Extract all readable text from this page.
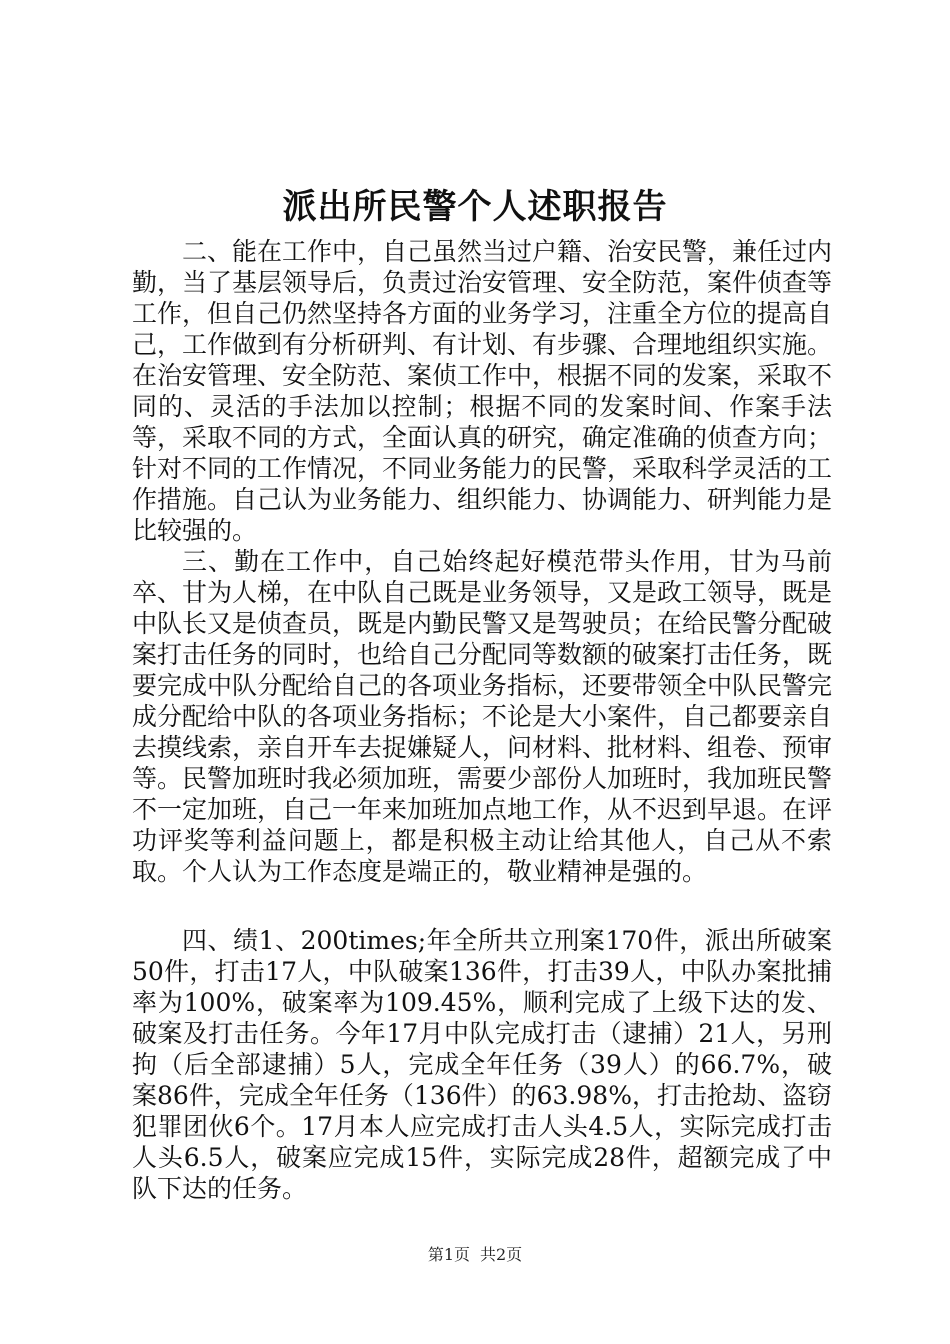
派出所民警个人述职报告

二、能在工作中，自己虽然当过户籍、治安民警，兼任过内勤，当了基层领导后，负责过治安管理、安全防范，案件侦查等工作，但自己仍然坚持各方面的业务学习，注重全方位的提高自己，工作做到有分析研判、有计划、有步骤、合理地组织实施。在治安管理、安全防范、案侦工作中，根据不同的发案，采取不同的、灵活的手法加以控制；根据不同的发案时间、作案手法等，采取不同的方式，全面认真的研究，确定准确的侦查方向；针对不同的工作情况，不同业务能力的民警，采取科学灵活的工作措施。自己认为业务能力、组织能力、协调能力、研判能力是比较强的。

三、勤在工作中，自己始终起好模范带头作用，甘为马前卒、甘为人梯，在中队自己既是业务领导，又是政工领导，既是中队长又是侦查员，既是内勤民警又是驾驶员；在给民警分配破案打击任务的同时，也给自己分配同等数额的破案打击任务，既要完成中队分配给自己的各项业务指标，还要带领全中队民警完成分配给中队的各项业务指标；不论是大小案件，自己都要亲自去摸线索，亲自开车去捉嫌疑人，问材料、批材料、组卷、预审等。民警加班时我必须加班，需要少部份人加班时，我加班民警不一定加班，自己一年来加班加点地工作，从不迟到早退。在评功评奖等利益问题上，都是积极主动让给其他人，自己从不索取。个人认为工作态度是端正的，敬业精神是强的。

四、绩1、200times;年全所共立刑案170件，派出所破案50件，打击17人，中队破案136件，打击39人，中队办案批捕率为100%，破案率为109.45%，顺利完成了上级下达的发、破案及打击任务。今年17月中队完成打击（逮捕）21人，另刑拘（后全部逮捕）5人，完成全年任务（39人）的66.7%，破案86件，完成全年任务（136件）的63.98%，打击抢劫、盗窃犯罪团伙6个。17月本人应完成打击人头4.5人，实际完成打击人头6.5人，破案应完成15件，实际完成28件，超额完成了中队下达的任务。

第1页 共2页
